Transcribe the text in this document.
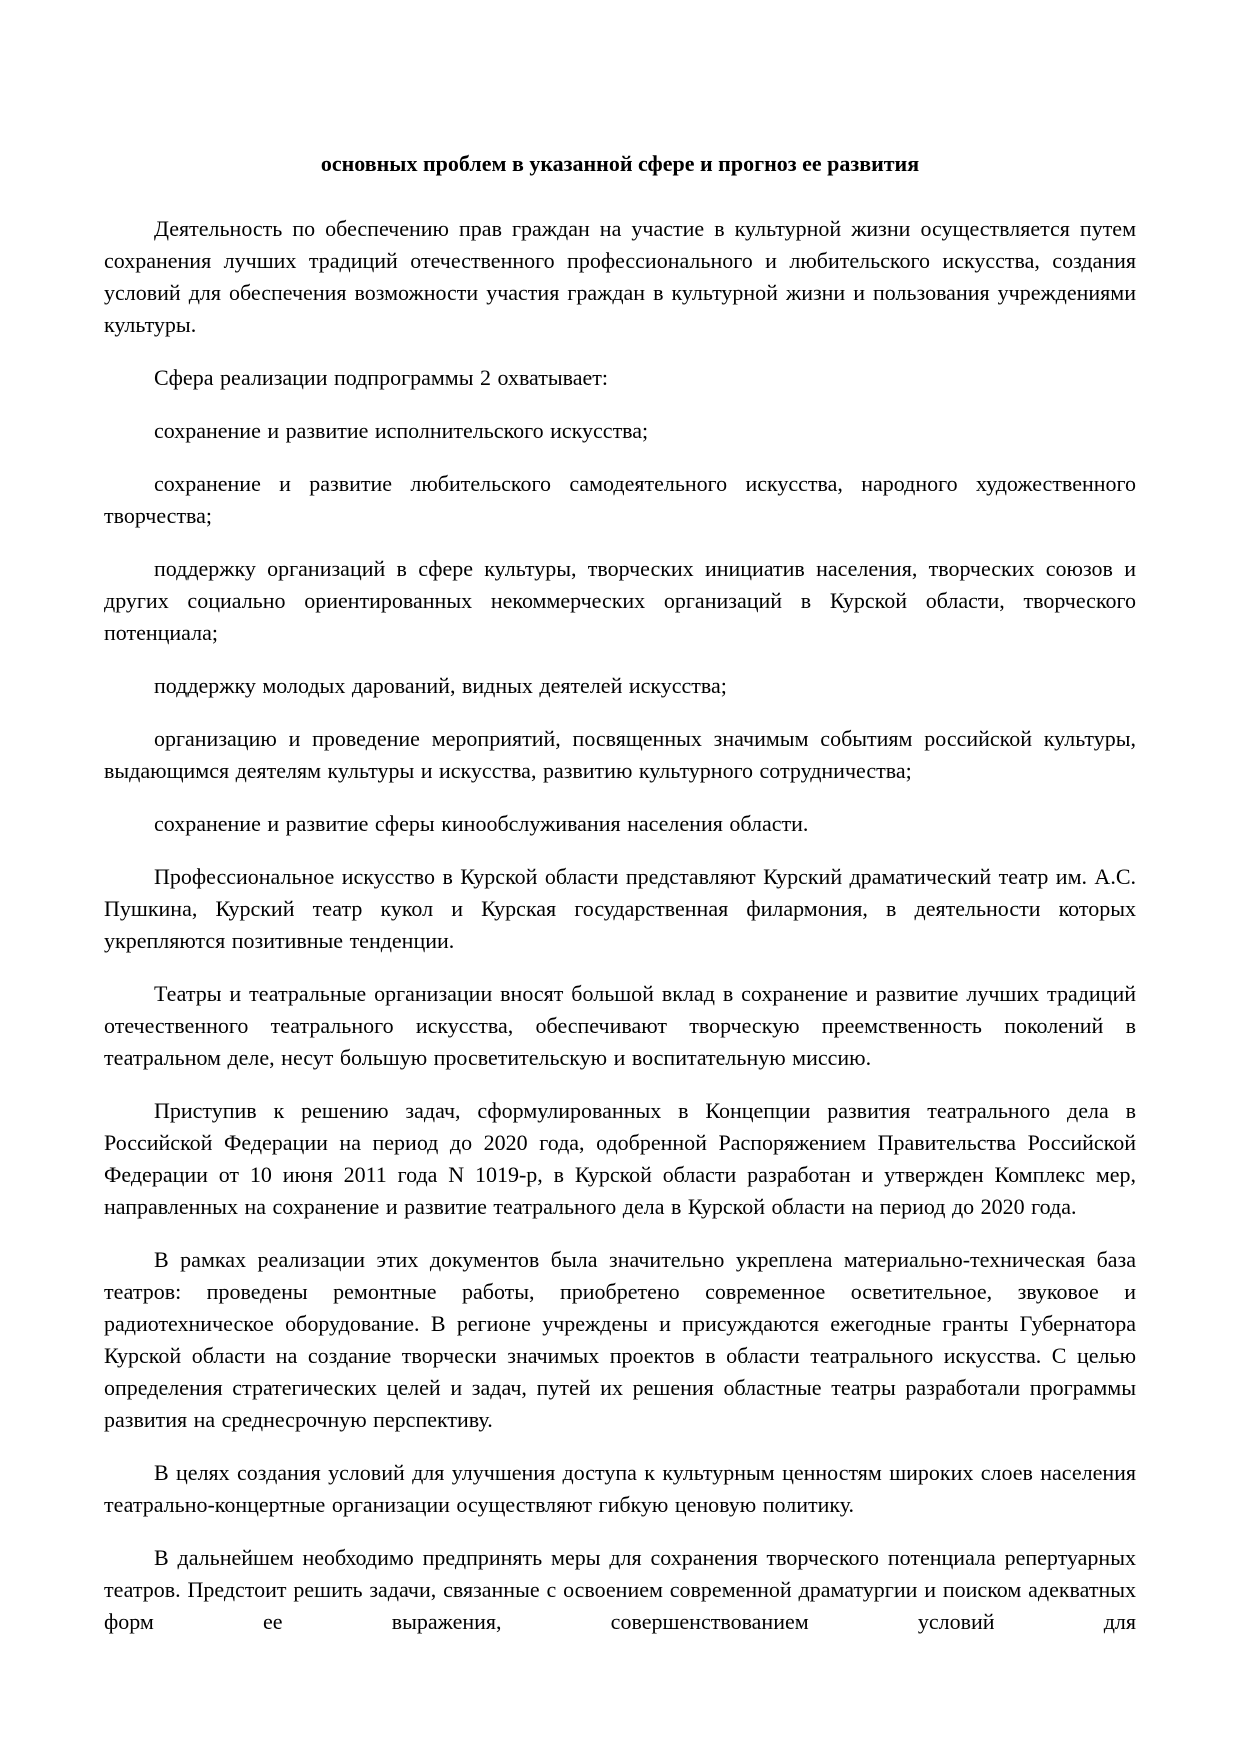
основных проблем в указанной сфере и прогноз ее развития

Деятельность по обеспечению прав граждан на участие в культурной жизни осуществляется путем сохранения лучших традиций отечественного профессионального и любительского искусства, создания условий для обеспечения возможности участия граждан в культурной жизни и пользования учреждениями культуры.

Сфера реализации подпрограммы 2 охватывает:

сохранение и развитие исполнительского искусства;

сохранение и развитие любительского самодеятельного искусства, народного художественного творчества;

поддержку организаций в сфере культуры, творческих инициатив населения, творческих союзов и других социально ориентированных некоммерческих организаций в Курской области, творческого потенциала;

поддержку молодых дарований, видных деятелей искусства;

организацию и проведение мероприятий, посвященных значимым событиям российской культуры, выдающимся деятелям культуры и искусства, развитию культурного сотрудничества;

сохранение и развитие сферы кинообслуживания населения области.

Профессиональное искусство в Курской области представляют Курский драматический театр им. А.С. Пушкина, Курский театр кукол и Курская государственная филармония, в деятельности которых укрепляются позитивные тенденции.

Театры и театральные организации вносят большой вклад в сохранение и развитие лучших традиций отечественного театрального искусства, обеспечивают творческую преемственность поколений в театральном деле, несут большую просветительскую и воспитательную миссию.

Приступив к решению задач, сформулированных в Концепции развития театрального дела в Российской Федерации на период до 2020 года, одобренной Распоряжением Правительства Российской Федерации от 10 июня 2011 года N 1019-р, в Курской области разработан и утвержден Комплекс мер, направленных на сохранение и развитие театрального дела в Курской области на период до 2020 года.

В рамках реализации этих документов была значительно укреплена материально-техническая база театров: проведены ремонтные работы, приобретено современное осветительное, звуковое и радиотехническое оборудование. В регионе учреждены и присуждаются ежегодные гранты Губернатора Курской области на создание творчески значимых проектов в области театрального искусства. С целью определения стратегических целей и задач, путей их решения областные театры разработали программы развития на среднесрочную перспективу.

В целях создания условий для улучшения доступа к культурным ценностям широких слоев населения театрально-концертные организации осуществляют гибкую ценовую политику.

В дальнейшем необходимо предпринять меры для сохранения творческого потенциала репертуарных театров. Предстоит решить задачи, связанные с освоением современной драматургии и поиском адекватных форм ее выражения, совершенствованием условий для
